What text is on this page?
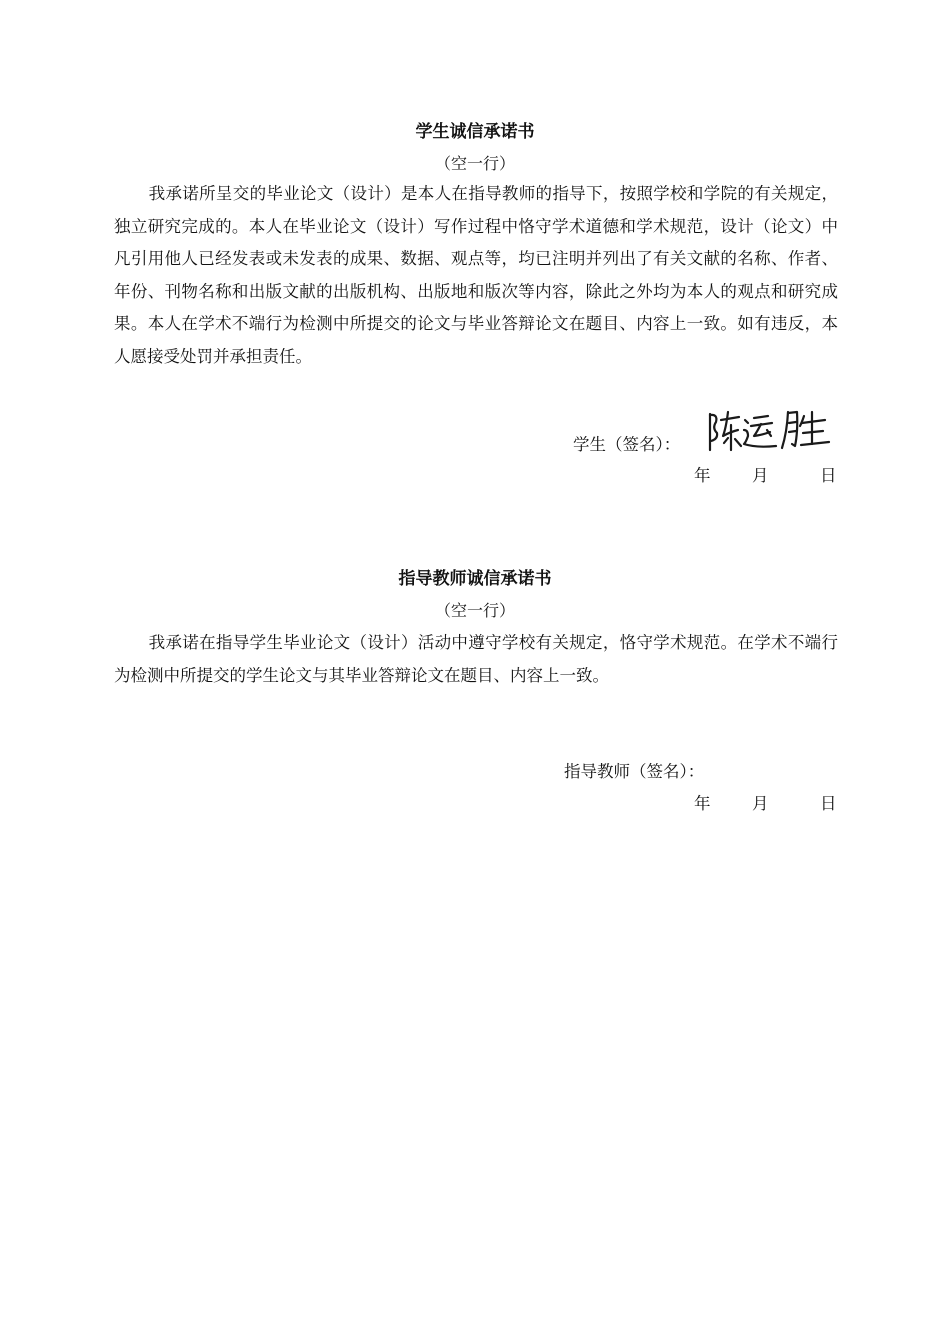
学生诚信承诺书
（空一行）

我承诺所呈交的毕业论文（设计）是本人在指导教师的指导下，按照学校和学院的有关规定，独立研究完成的。本人在毕业论文（设计）写作过程中恪守学术道德和学术规范，设计（论文）中凡引用他人已经发表或未发表的成果、数据、观点等，均已注明并列出了有关文献的名称、作者、年份、刊物名称和出版文献的出版机构、出版地和版次等内容，除此之外均为本人的观点和研究成果。本人在学术不端行为检测中所提交的论文与毕业答辩论文在题目、内容上一致。如有违反，本人愿接受处罚并承担责任。

学生（签名）：
年	月	日
指导教师诚信承诺书
（空一行）

我承诺在指导学生毕业论文（设计）活动中遵守学校有关规定，恪守学术规范。在学术不端行为检测中所提交的学生论文与其毕业答辩论文在题目、内容上一致。

指导教师（签名）：
年	月	日
